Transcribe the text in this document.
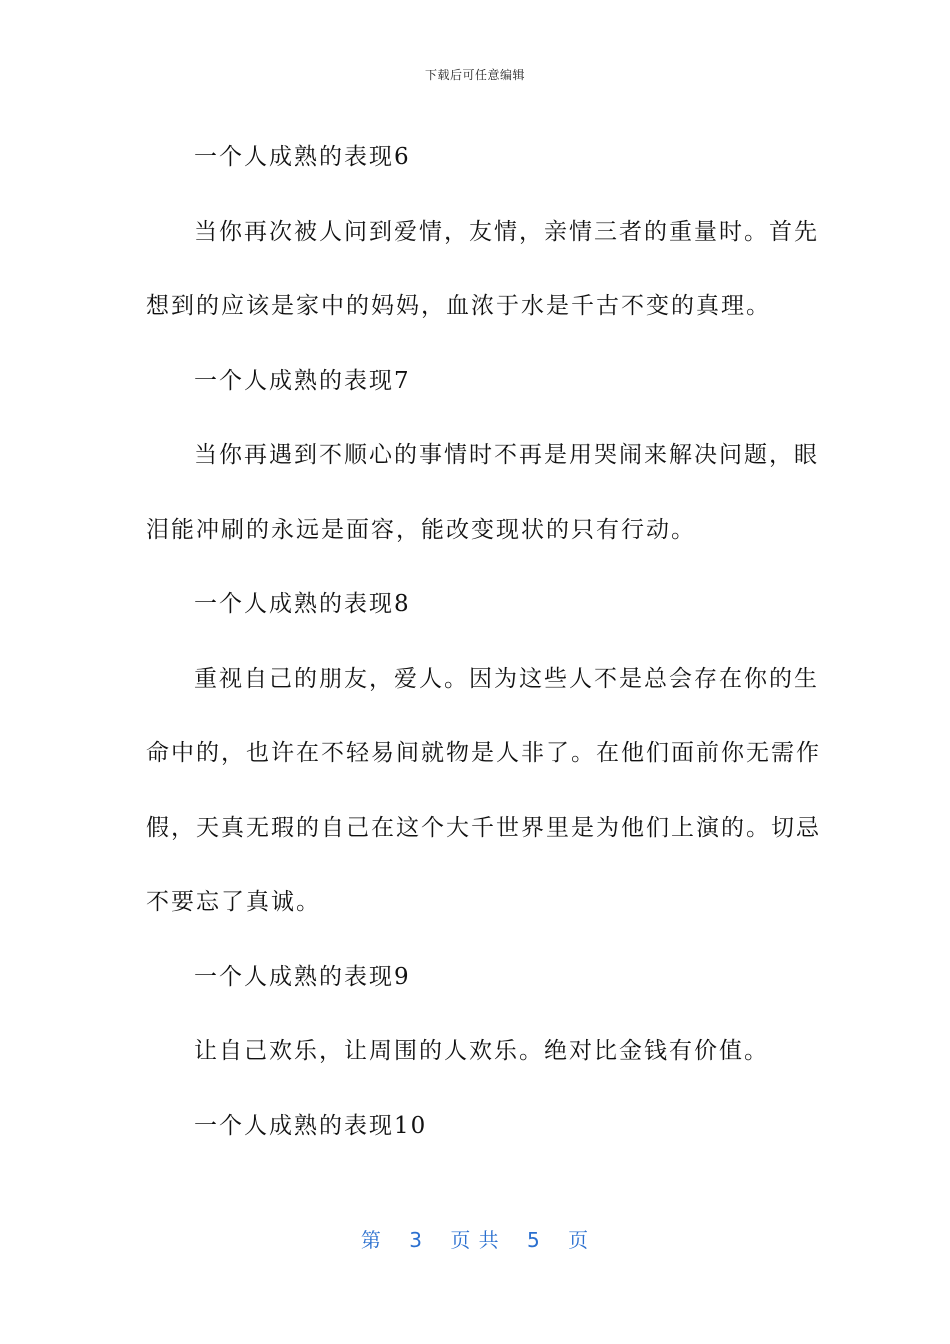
下载后可任意编辑
一个人成熟的表现6
当你再次被人问到爱情，友情，亲情三者的重量时。首先
想到的应该是家中的妈妈，血浓于水是千古不变的真理。
一个人成熟的表现7
当你再遇到不顺心的事情时不再是用哭闹来解决问题，眼
泪能冲刷的永远是面容，能改变现状的只有行动。
一个人成熟的表现8
重视自己的朋友，爱人。因为这些人不是总会存在你的生
命中的，也许在不轻易间就物是人非了。在他们面前你无需作
假，天真无瑕的自己在这个大千世界里是为他们上演的。切忌
不要忘了真诚。
一个人成熟的表现9
让自己欢乐，让周围的人欢乐。绝对比金钱有价值。
一个人成熟的表现10
第 3 页 共 5 页
